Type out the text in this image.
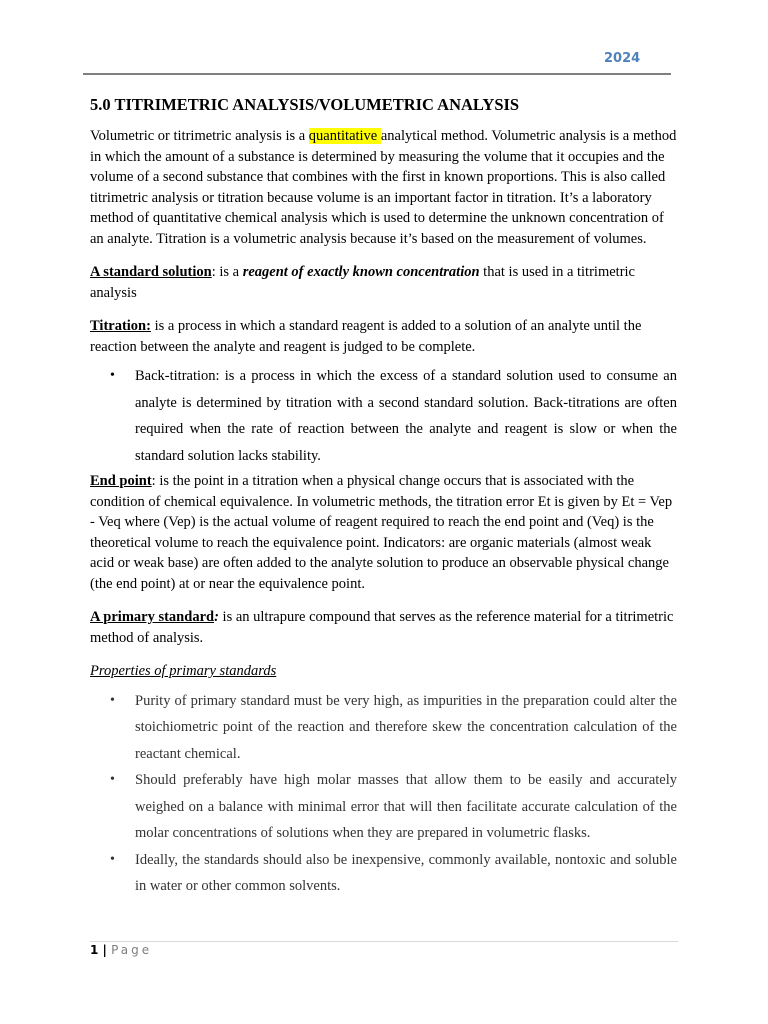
2024
5.0 TITRIMETRIC ANALYSIS/VOLUMETRIC ANALYSIS

Volumetric or titrimetric analysis is a quantitative analytical method. Volumetric analysis is a method in which the amount of a substance is determined by measuring the volume that it occupies and the volume of a second substance that combines with the first in known proportions. This is also called titrimetric analysis or titration because volume is an important factor in titration. It’s a laboratory method of quantitative chemical analysis which is used to determine the unknown concentration of an analyte. Titration is a volumetric analysis because it’s based on the measurement of volumes.

A standard solution: is a reagent of exactly known concentration that is used in a titrimetric analysis

Titration: is a process in which a standard reagent is added to a solution of an analyte until the reaction between the analyte and reagent is judged to be complete.

• Back-titration: is a process in which the excess of a standard solution used to consume an analyte is determined by titration with a second standard solution. Back-titrations are often required when the rate of reaction between the analyte and reagent is slow or when the standard solution lacks stability.

End point: is the point in a titration when a physical change occurs that is associated with the condition of chemical equivalence. In volumetric methods, the titration error Et is given by Et = Vep - Veq where (Vep) is the actual volume of reagent required to reach the end point and (Veq) is the theoretical volume to reach the equivalence point. Indicators: are organic materials (almost weak acid or weak base) are often added to the analyte solution to produce an observable physical change (the end point) at or near the equivalence point.

A primary standard: is an ultrapure compound that serves as the reference material for a titrimetric method of analysis.

Properties of primary standards

• Purity of primary standard must be very high, as impurities in the preparation could alter the stoichiometric point of the reaction and therefore skew the concentration calculation of the reactant chemical.
• Should preferably have high molar masses that allow them to be easily and accurately weighed on a balance with minimal error that will then facilitate accurate calculation of the molar concentrations of solutions when they are prepared in volumetric flasks.
• Ideally, the standards should also be inexpensive, commonly available, nontoxic and soluble in water or other common solvents.
1 | Page
